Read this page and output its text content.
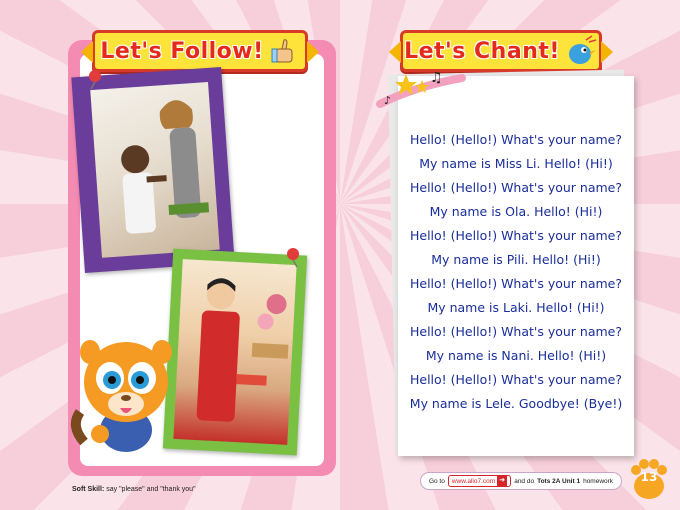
Let's Follow!
Soft Skill: say "please" and "thank you"
Let's Chant!
♫
♪
Hello! (Hello!) What's your name?
My name is Miss Li. Hello! (Hi!)
Hello! (Hello!) What's your name?
My name is Ola. Hello! (Hi!)
Hello! (Hello!) What's your name?
My name is Pili. Hello! (Hi!)
Hello! (Hello!) What's your name?
My name is Laki. Hello! (Hi!)
Hello! (Hello!) What's your name?
My name is Nani. Hello! (Hi!)
Hello! (Hello!) What's your name?
My name is Lele. Goodbye! (Bye!)
Go to www.allo7.com ➜	and do Tots 2A Unit 1 homework	13
